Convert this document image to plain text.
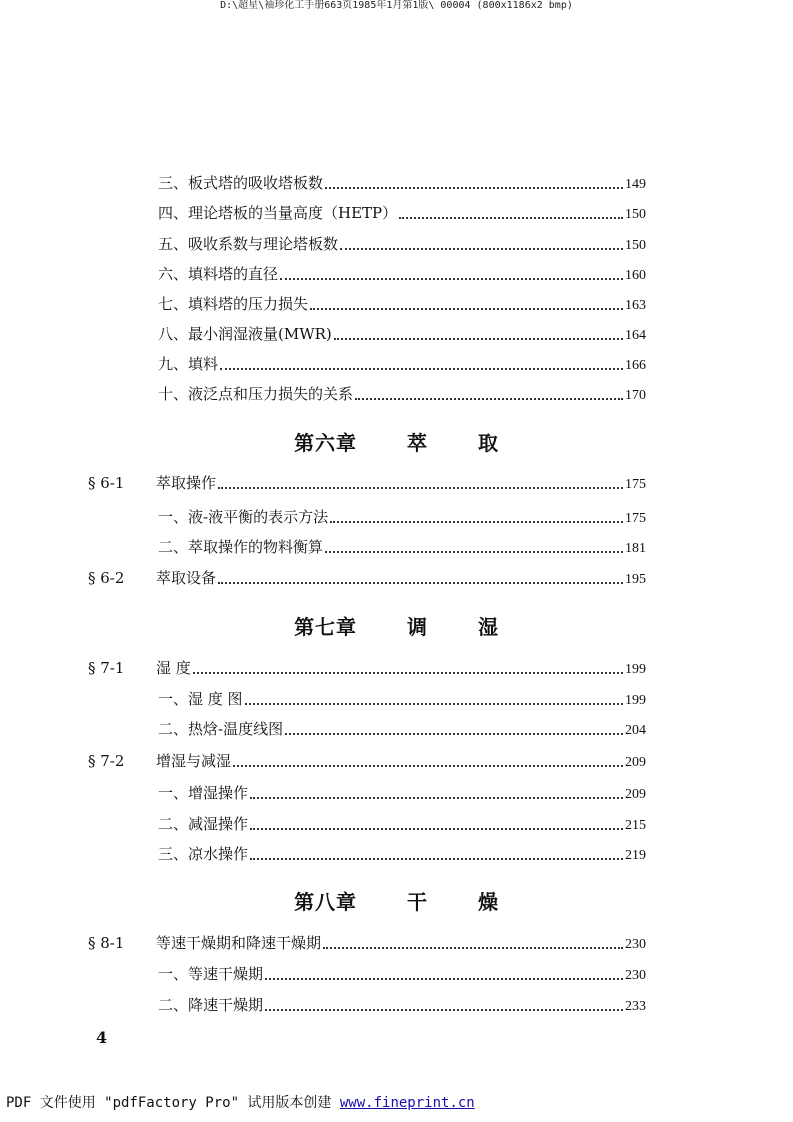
D:\超星\袖珍化工手册663页1985年1月第1版\ 00004 (800x1186x2 bmp)
三、板式塔的吸收塔板数	149
四、理论塔板的当量高度（HETP）	150
五、吸收系数与理论塔板数	150
六、填料塔的直径	160
七、填料塔的压力损失	163
八、最小润湿液量(MWR)	164
九、填料	166
十、液泛点和压力损失的关系	170
第六章 萃 取
§ 6-1	萃取操作	175
一、液-液平衡的表示方法	175
二、萃取操作的物料衡算	181
§ 6-2	萃取设备	195
第七章 调 湿
§ 7-1	湿 度	199
一、湿 度 图	199
二、热焓-温度线图	204
§ 7-2	增湿与减湿	209
一、增湿操作	209
二、减湿操作	215
三、凉水操作	219
第八章 干 燥
§ 8-1	等速干燥期和降速干燥期	230
一、等速干燥期	230
二、降速干燥期	233
4
PDF 文件使用 "pdfFactory Pro" 试用版本创建 www.fineprint.cn
